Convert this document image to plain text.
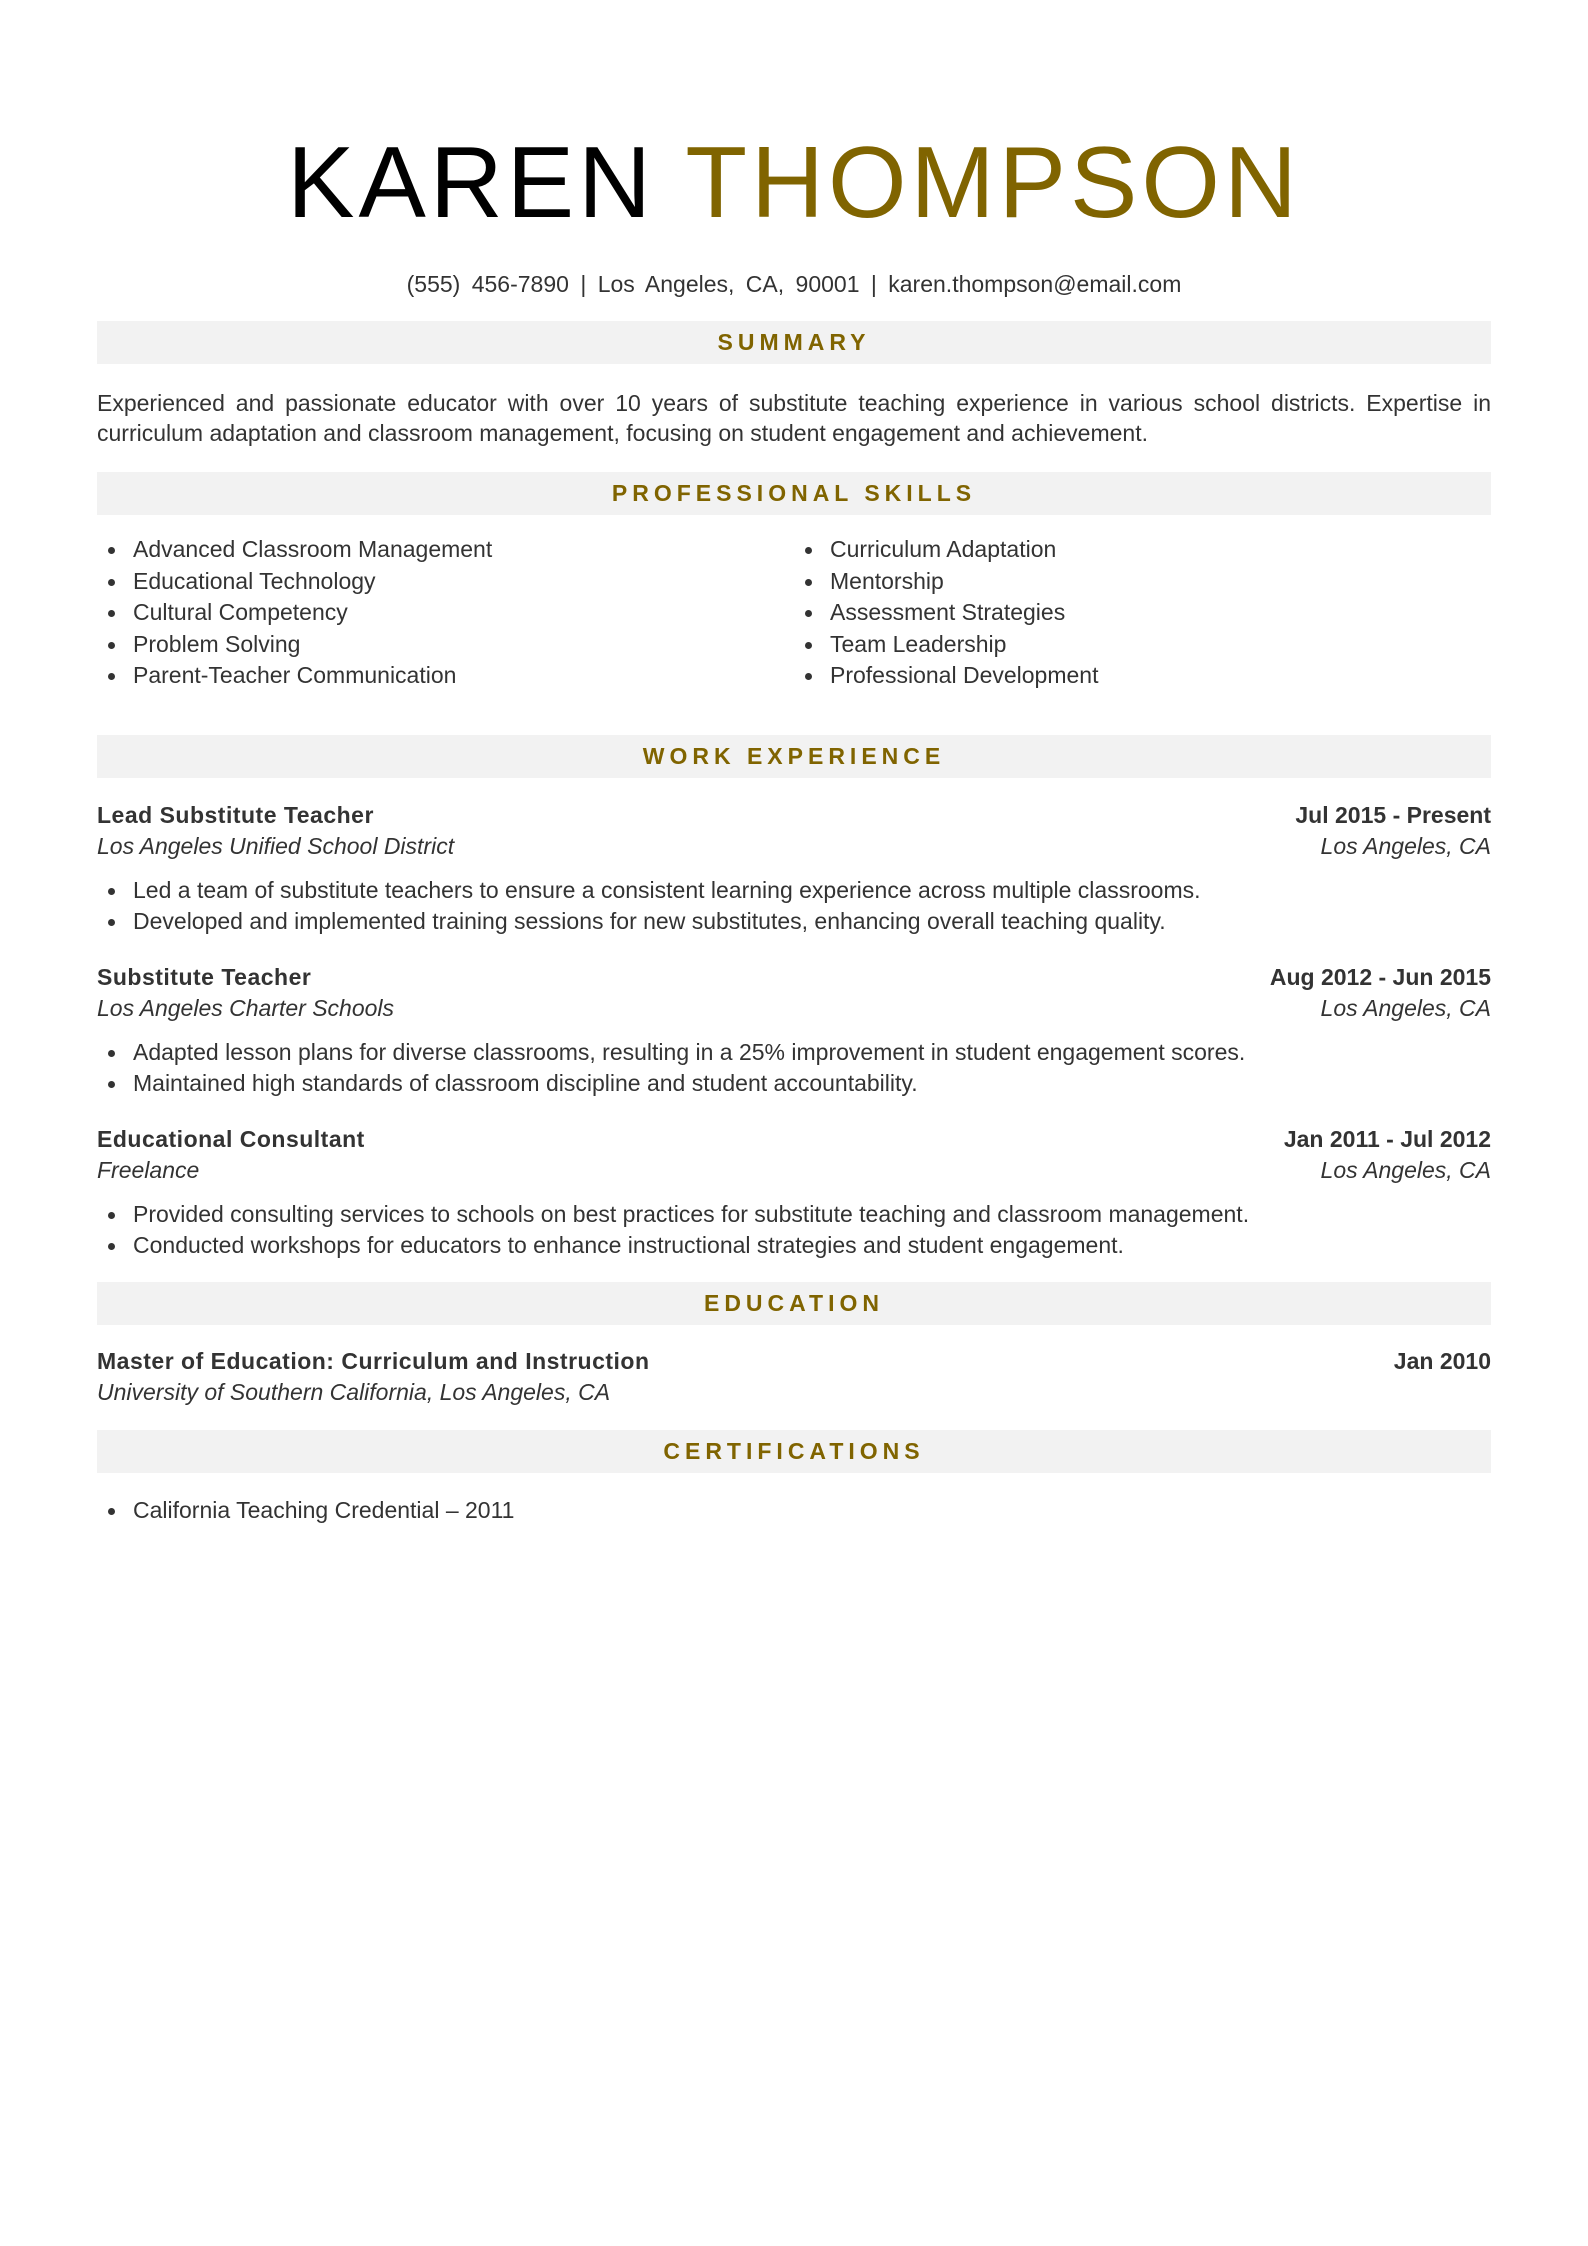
KAREN THOMPSON
(555) 456-7890 | Los Angeles, CA, 90001 | karen.thompson@email.com
SUMMARY

Experienced and passionate educator with over 10 years of substitute teaching experience in various school districts. Expertise in curriculum adaptation and classroom management, focusing on student engagement and achievement.

PROFESSIONAL SKILLS
Advanced Classroom Management
Educational Technology
Cultural Competency
Problem Solving
Parent-Teacher Communication
Curriculum Adaptation
Mentorship
Assessment Strategies
Team Leadership
Professional Development
WORK EXPERIENCE
Lead Substitute Teacher	Jul 2015 - Present
Los Angeles Unified School District	Los Angeles, CA
Led a team of substitute teachers to ensure a consistent learning experience across multiple classrooms.
Developed and implemented training sessions for new substitutes, enhancing overall teaching quality.
Substitute Teacher	Aug 2012 - Jun 2015
Los Angeles Charter Schools	Los Angeles, CA
Adapted lesson plans for diverse classrooms, resulting in a 25% improvement in student engagement scores.
Maintained high standards of classroom discipline and student accountability.
Educational Consultant	Jan 2011 - Jul 2012
Freelance	Los Angeles, CA
Provided consulting services to schools on best practices for substitute teaching and classroom management.
Conducted workshops for educators to enhance instructional strategies and student engagement.
EDUCATION
Master of Education: Curriculum and Instruction	Jan 2010
University of Southern California, Los Angeles, CA
CERTIFICATIONS
California Teaching Credential – 2011
